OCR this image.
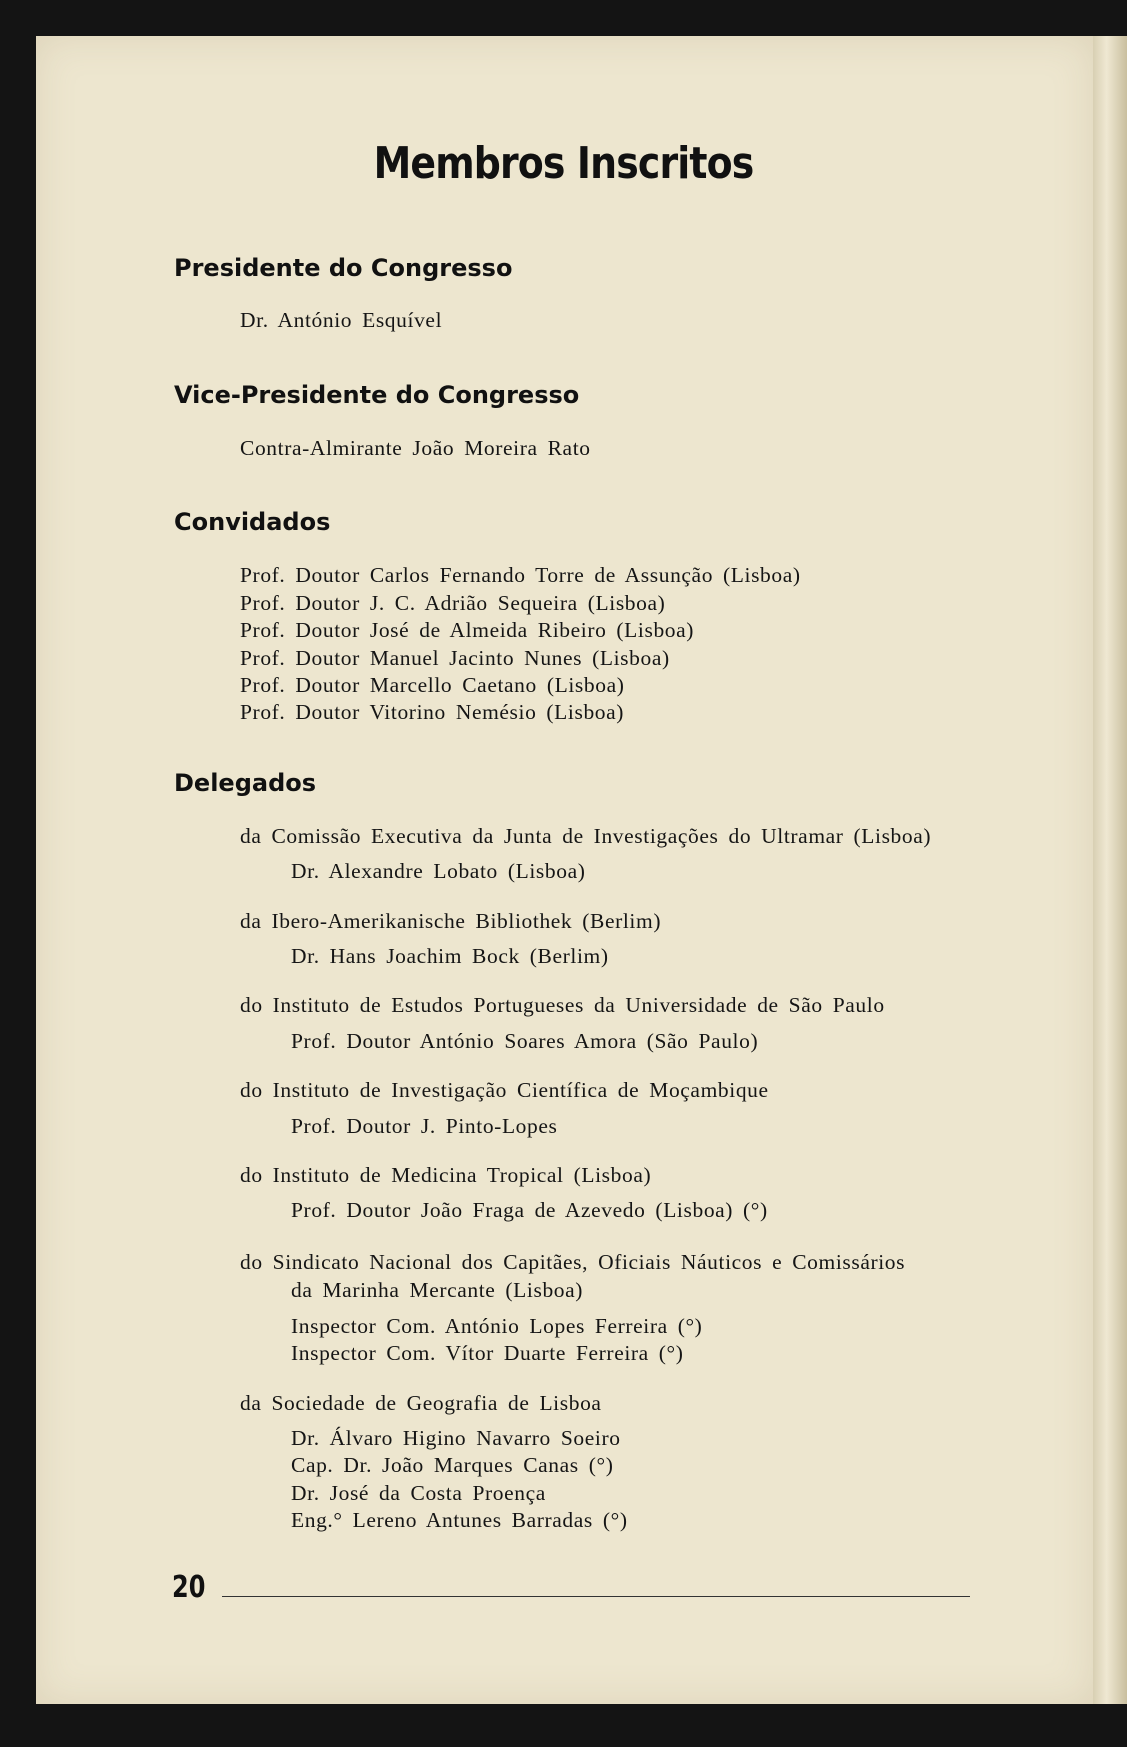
Membros Inscritos
Presidente do Congresso
Dr. António Esquível
Vice-Presidente do Congresso
Contra-Almirante João Moreira Rato
Convidados
Prof. Doutor Carlos Fernando Torre de Assunção (Lisboa)
Prof. Doutor J. C. Adrião Sequeira (Lisboa)
Prof. Doutor José de Almeida Ribeiro (Lisboa)
Prof. Doutor Manuel Jacinto Nunes (Lisboa)
Prof. Doutor Marcello Caetano (Lisboa)
Prof. Doutor Vitorino Nemésio (Lisboa)
Delegados
da Comissão Executiva da Junta de Investigações do Ultramar (Lisboa)
Dr. Alexandre Lobato (Lisboa)
da Ibero-Amerikanische Bibliothek (Berlim)
Dr. Hans Joachim Bock (Berlim)
do Instituto de Estudos Portugueses da Universidade de São Paulo
Prof. Doutor António Soares Amora (São Paulo)
do Instituto de Investigação Científica de Moçambique
Prof. Doutor J. Pinto-Lopes
do Instituto de Medicina Tropical (Lisboa)
Prof. Doutor João Fraga de Azevedo (Lisboa) (°)
do Sindicato Nacional dos Capitães, Oficiais Náuticos e Comissários
da Marinha Mercante (Lisboa)
Inspector Com. António Lopes Ferreira (°)
Inspector Com. Vítor Duarte Ferreira (°)
da Sociedade de Geografia de Lisboa
Dr. Álvaro Higino Navarro Soeiro
Cap. Dr. João Marques Canas (°)
Dr. José da Costa Proença
Eng.° Lereno Antunes Barradas (°)
20
